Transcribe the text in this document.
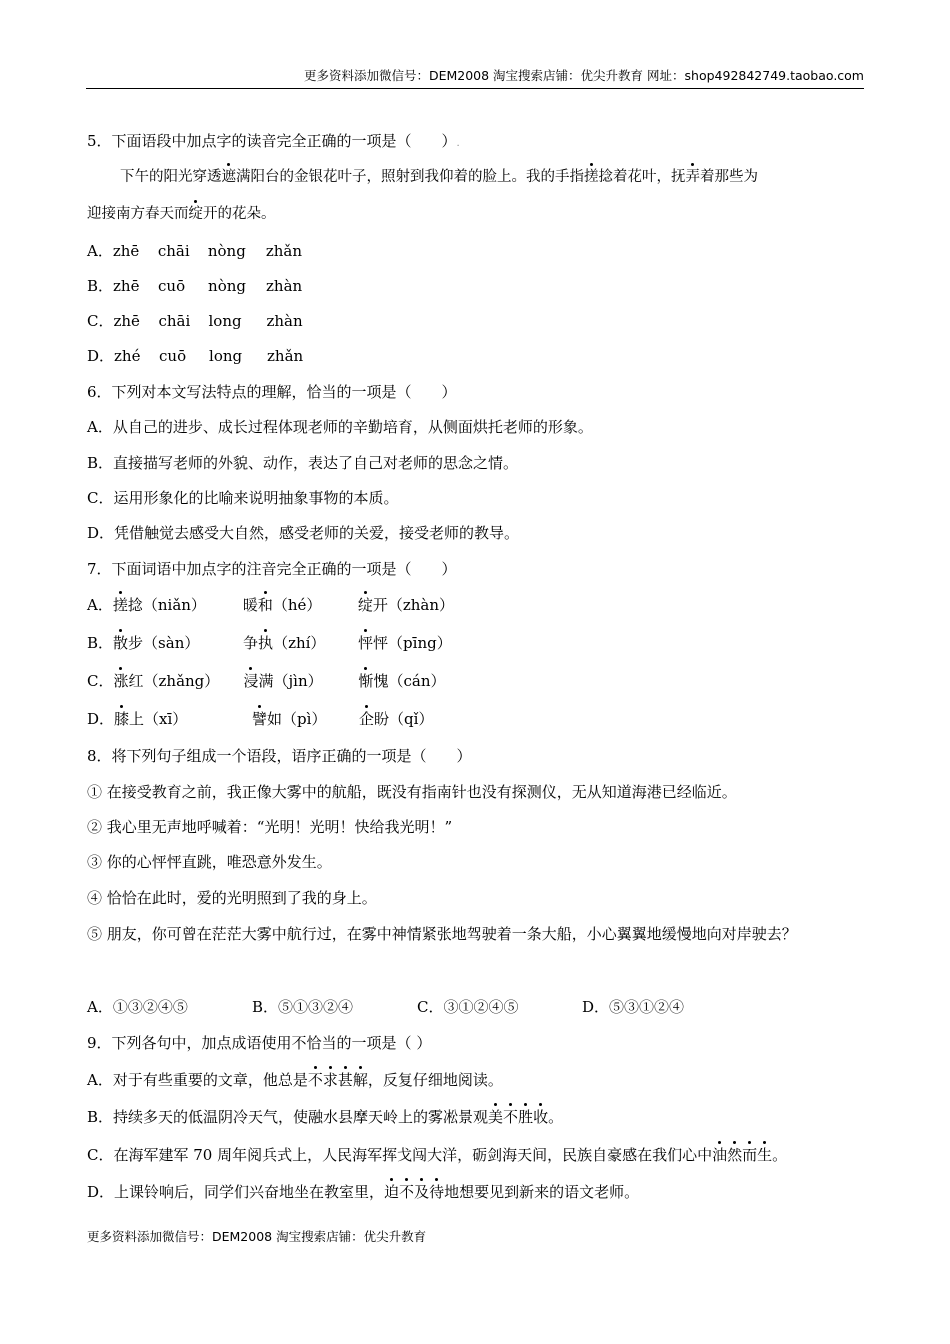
更多资料添加微信号：DEM2008 淘宝搜索店铺：优尖升教育 网址：shop492842749.taobao.com
5．下面语段中加点字的读音完全正确的一项是（　　）.
下午的阳光穿透遮满阳台的金银花叶子，照射到我仰着的脸上。我的手指搓捻着花叶，抚弄着那些为
迎接南方春天而绽开的花朵。
A．zhē chāi nòng zhǎn
B．zhē cuō nòng zhàn
C．zhē chāi long zhàn
D．zhé cuō long zhǎn
6．下列对本文写法特点的理解，恰当的一项是（　　）
A．从自己的进步、成长过程体现老师的辛勤培育，从侧面烘托老师的形象。
B．直接描写老师的外貌、动作，表达了自己对老师的思念之情。
C．运用形象化的比喻来说明抽象事物的本质。
D．凭借触觉去感受大自然，感受老师的关爱，接受老师的教导。
7．下面词语中加点字的注音完全正确的一项是（　　）
A．搓捻（niǎn） 暖和（hé） 绽开（zhàn）
B．散步（sàn）	争执（zhí） 怦怦（pīng）
C．涨红（zhǎng） 浸满（jìn） 惭愧（cán）
D．膝上（xī）	譬如（pì） 企盼（qǐ）
8．将下列句子组成一个语段，语序正确的一项是（　　）
① 在接受教育之前，我正像大雾中的航船，既没有指南针也没有探测仪，无从知道海港已经临近。
② 我心里无声地呼喊着：“光明！光明！快给我光明！”
③ 你的心怦怦直跳，唯恐意外发生。
④ 恰恰在此时，爱的光明照到了我的身上。
⑤ 朋友，你可曾在茫茫大雾中航行过，在雾中神情紧张地驾驶着一条大船，小心翼翼地缓慢地向对岸驶去？
A．①③②④⑤	B．⑤①③②④	C．③①②④⑤	D．⑤③①②④
9．下列各句中，加点成语使用不恰当的一项是（ ）
A．对于有些重要的文章，他总是不求甚解，反复仔细地阅读。
B．持续多天的低温阴冷天气，使融水县摩天岭上的雾凇景观美不胜收。
C．在海军建军 70 周年阅兵式上，人民海军挥戈闯大洋，砺剑海天间，民族自豪感在我们心中油然而生。
D．上课铃响后，同学们兴奋地坐在教室里，迫不及待地想要见到新来的语文老师。
更多资料添加微信号：DEM2008 淘宝搜索店铺：优尖升教育
